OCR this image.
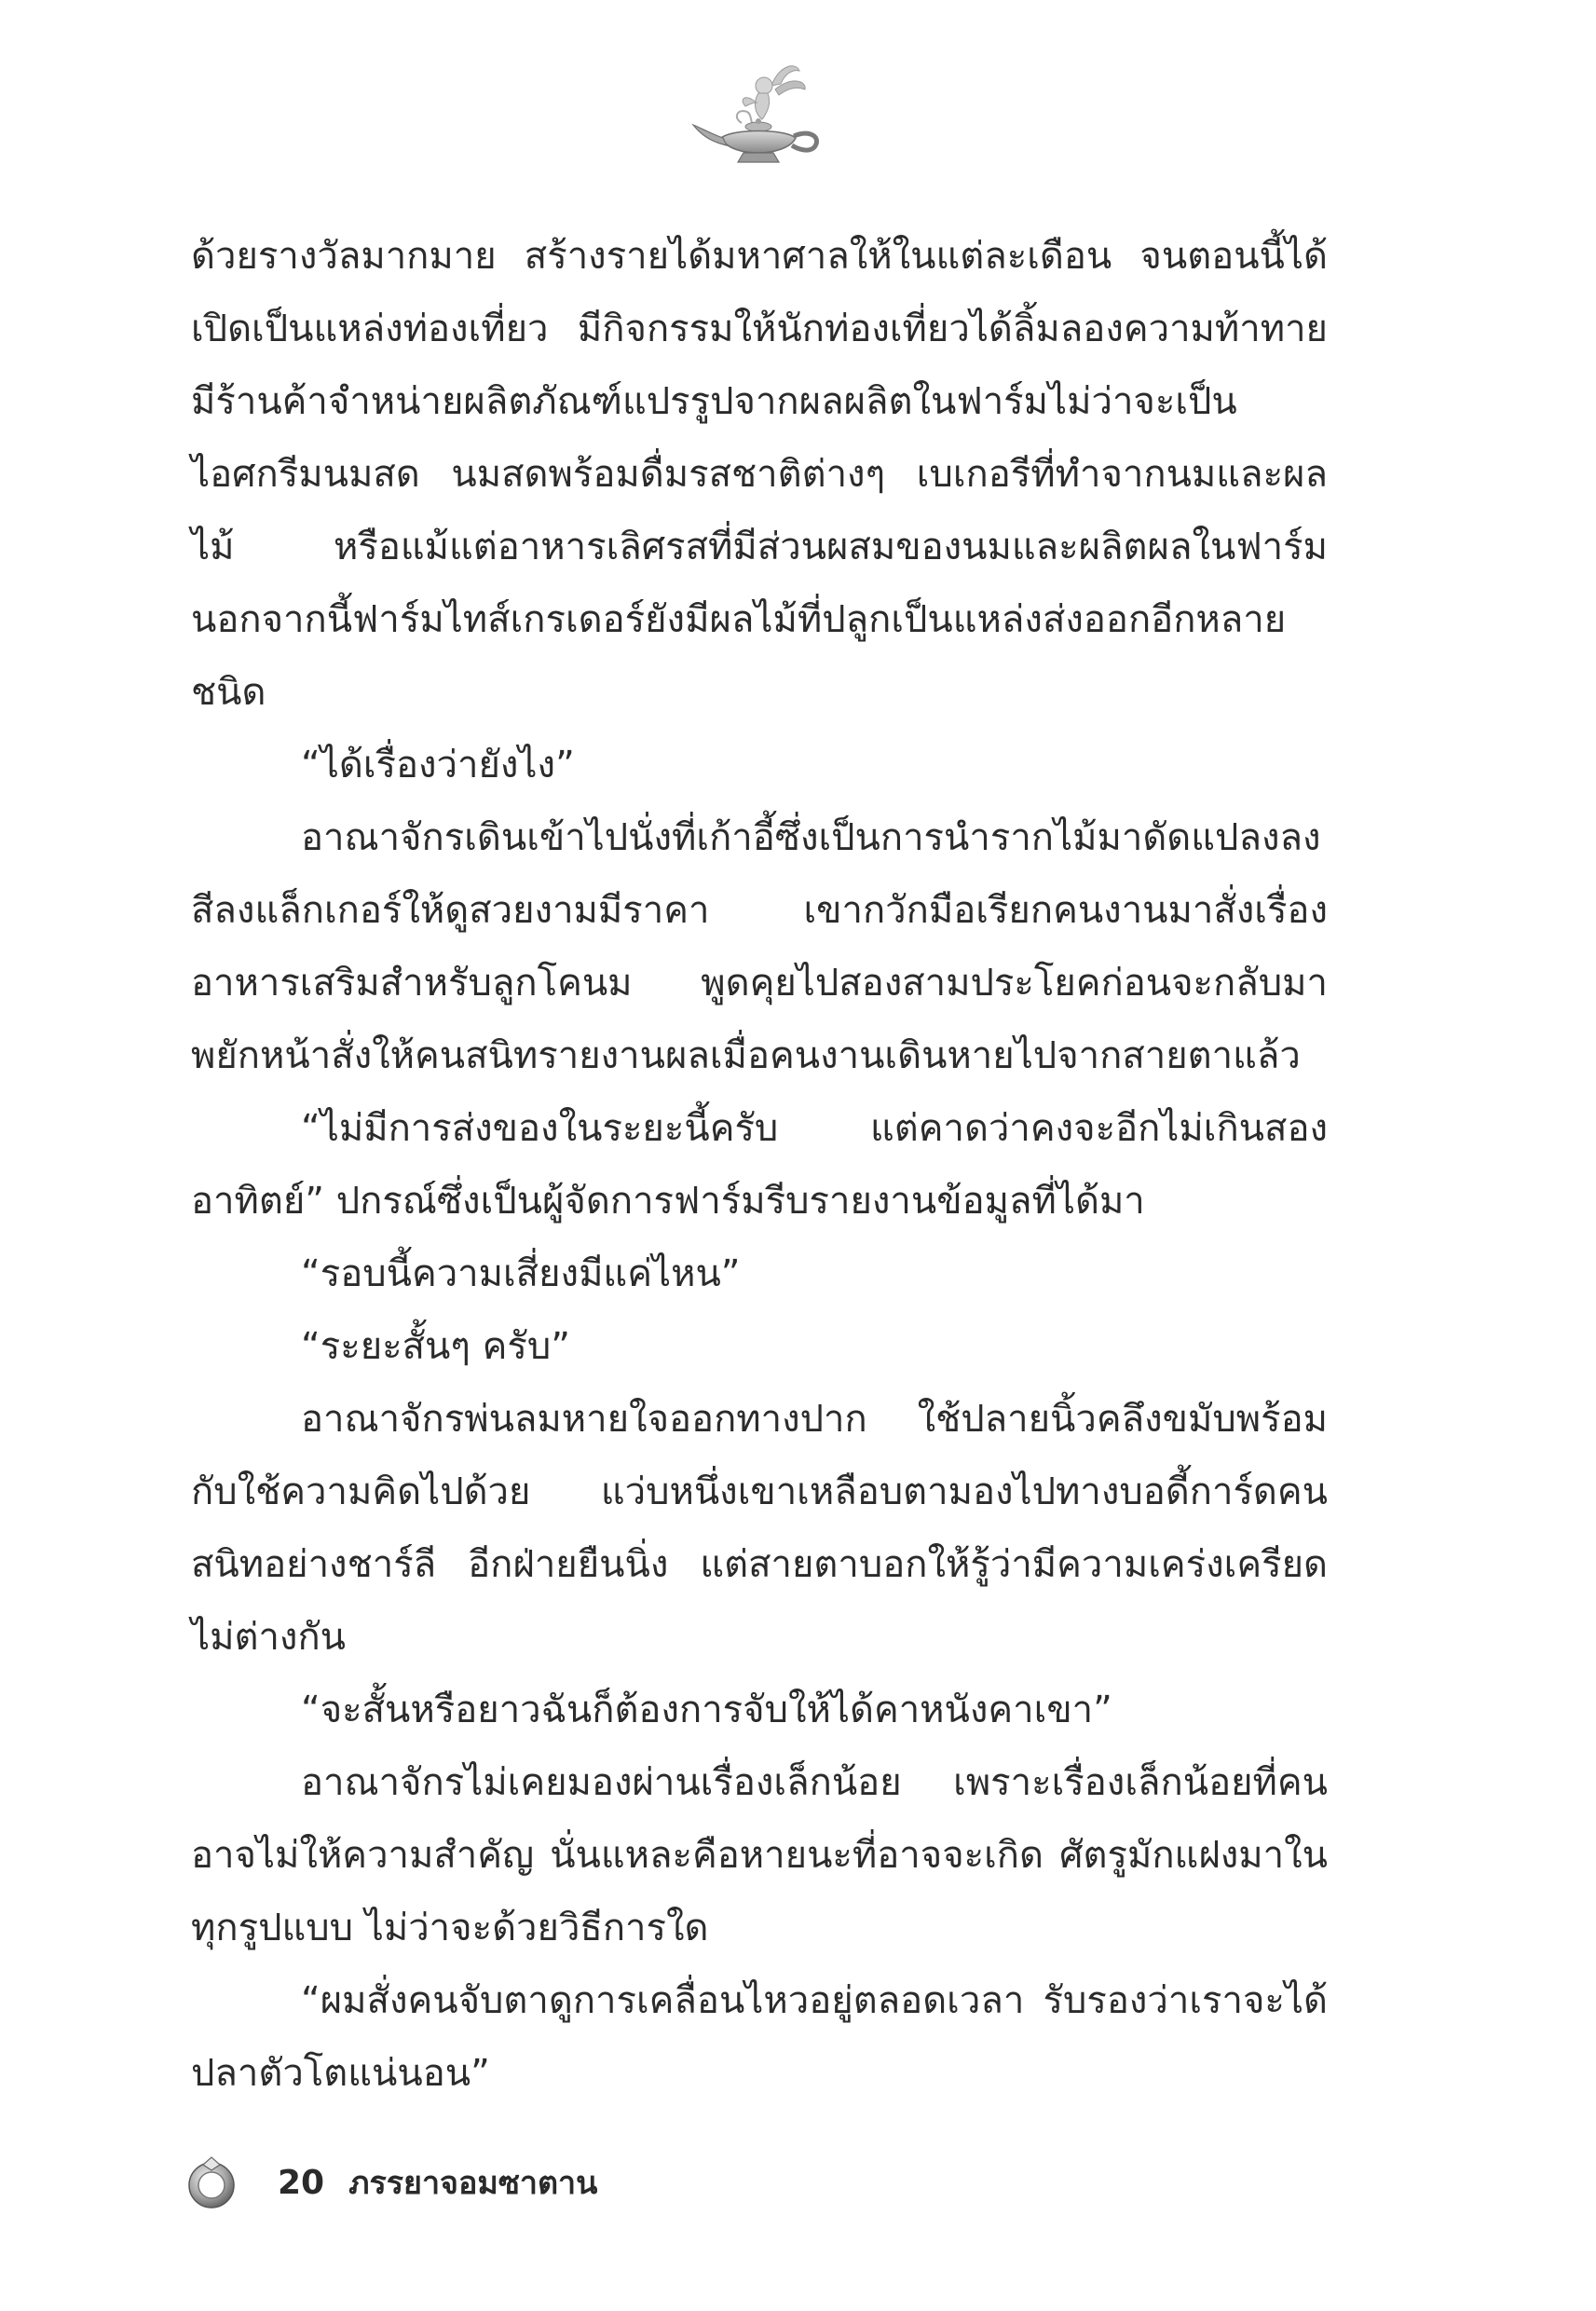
ด้วยรางวัลมากมาย สร้างรายได้มหาศาลให้ในแต่ละเดือน จนตอนนี้ได้เปิดเป็นแหล่งท่องเที่ยว มีกิจกรรมให้นักท่องเที่ยวได้ลิ้มลองความท้าทาย มีร้านค้าจำหน่ายผลิตภัณฑ์แปรรูปจากผลผลิตในฟาร์มไม่ว่าจะเป็นไอศกรีมนมสด นมสดพร้อมดื่มรสชาติต่างๆ เบเกอรีที่ทำจากนมและผลไม้ หรือแม้แต่อาหารเลิศรสที่มีส่วนผสมของนมและผลิตผลในฟาร์ม นอกจากนี้ฟาร์มไทส์เกรเดอร์ยังมีผลไม้ที่ปลูกเป็นแหล่งส่งออกอีกหลายชนิด

“ได้เรื่องว่ายังไง”

อาณาจักรเดินเข้าไปนั่งที่เก้าอี้ซึ่งเป็นการนำรากไม้มาดัดแปลงลงสีลงแล็กเกอร์ให้ดูสวยงามมีราคา เขากวักมือเรียกคนงานมาสั่งเรื่องอาหารเสริมสำหรับลูกโคนม พูดคุยไปสองสามประโยคก่อนจะกลับมาพยักหน้าสั่งให้คนสนิทรายงานผลเมื่อคนงานเดินหายไปจากสายตาแล้ว

“ไม่มีการส่งของในระยะนี้ครับ แต่คาดว่าคงจะอีกไม่เกินสองอาทิตย์” ปกรณ์ซึ่งเป็นผู้จัดการฟาร์มรีบรายงานข้อมูลที่ได้มา

“รอบนี้ความเสี่ยงมีแค่ไหน”

“ระยะสั้นๆ ครับ”

อาณาจักรพ่นลมหายใจออกทางปาก ใช้ปลายนิ้วคลึงขมับพร้อมกับใช้ความคิดไปด้วย แว่บหนึ่งเขาเหลือบตามองไปทางบอดี้การ์ดคนสนิทอย่างชาร์ลี อีกฝ่ายยืนนิ่ง แต่สายตาบอกให้รู้ว่ามีความเคร่งเครียดไม่ต่างกัน

“จะสั้นหรือยาวฉันก็ต้องการจับให้ได้คาหนังคาเขา”

อาณาจักรไม่เคยมองผ่านเรื่องเล็กน้อย เพราะเรื่องเล็กน้อยที่คนอาจไม่ให้ความสำคัญ นั่นแหละคือหายนะที่อาจจะเกิด ศัตรูมักแฝงมาในทุกรูปแบบ ไม่ว่าจะด้วยวิธีการใด

“ผมสั่งคนจับตาดูการเคลื่อนไหวอยู่ตลอดเวลา รับรองว่าเราจะได้ปลาตัวโตแน่นอน”

20 ภรรยาจอมซาตาน
